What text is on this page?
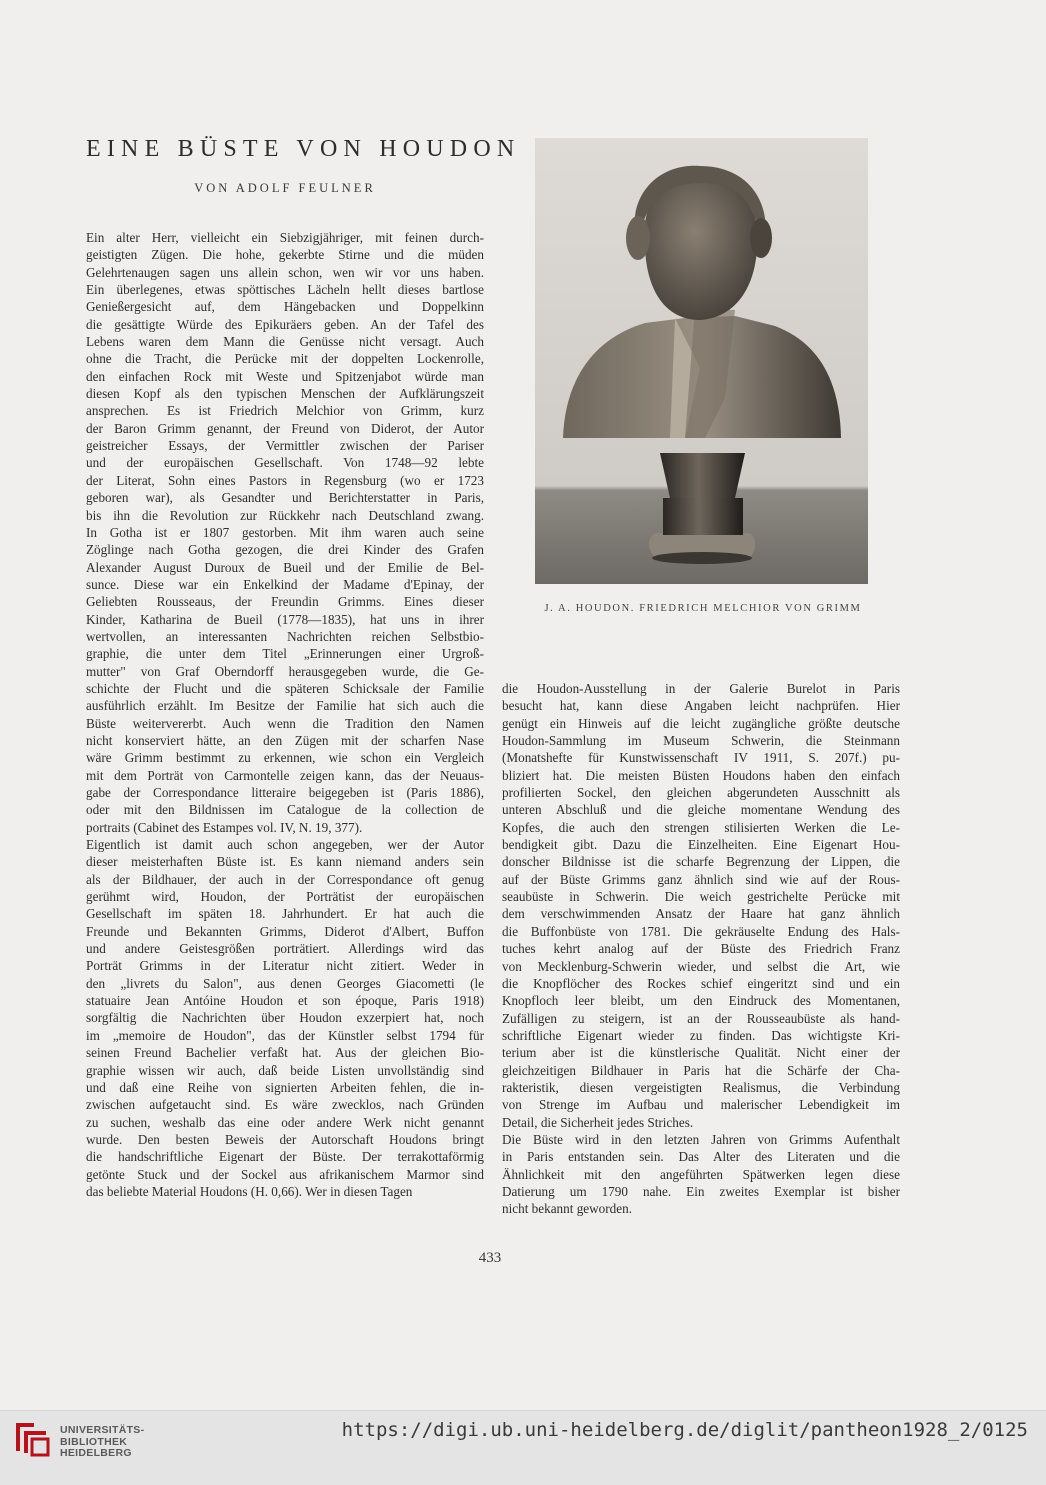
EINE BÜSTE VON HOUDON
VON ADOLF FEULNER
Ein alter Herr, vielleicht ein Siebzigjähriger, mit feinen durch-
geistigten Zügen. Die hohe, gekerbte Stirne und die müden
Gelehrtenaugen sagen uns allein schon, wen wir vor uns haben.
Ein überlegenes, etwas spöttisches Lächeln hellt dieses bartlose
Genießergesicht auf, dem Hängebacken und Doppelkinn
die gesättigte Würde des Epikuräers geben. An der Tafel des
Lebens waren dem Mann die Genüsse nicht versagt. Auch
ohne die Tracht, die Perücke mit der doppelten Lockenrolle,
den einfachen Rock mit Weste und Spitzenjabot würde man
diesen Kopf als den typischen Menschen der Aufklärungszeit
ansprechen. Es ist Friedrich Melchior von Grimm, kurz
der Baron Grimm genannt, der Freund von Diderot, der Autor
geistreicher Essays, der Vermittler zwischen der Pariser
und der europäischen Gesellschaft. Von 1748—92 lebte
der Literat, Sohn eines Pastors in Regensburg (wo er 1723
geboren war), als Gesandter und Berichterstatter in Paris,
bis ihn die Revolution zur Rückkehr nach Deutschland zwang.
In Gotha ist er 1807 gestorben. Mit ihm waren auch seine
Zöglinge nach Gotha gezogen, die drei Kinder des Grafen
Alexander August Duroux de Bueil und der Emilie de Bel-
sunce. Diese war ein Enkelkind der Madame d'Epinay, der
Geliebten Rousseaus, der Freundin Grimms. Eines dieser
Kinder, Katharina de Bueil (1778—1835), hat uns in ihrer
wertvollen, an interessanten Nachrichten reichen Selbstbio-
graphie, die unter dem Titel „Erinnerungen einer Urgroß-
mutter" von Graf Oberndorff herausgegeben wurde, die Ge-
schichte der Flucht und die späteren Schicksale der Familie
ausführlich erzählt. Im Besitze der Familie hat sich auch die
Büste weitervererbt. Auch wenn die Tradition den Namen
nicht konserviert hätte, an den Zügen mit der scharfen Nase
wäre Grimm bestimmt zu erkennen, wie schon ein Vergleich
mit dem Porträt von Carmontelle zeigen kann, das der Neuaus-
gabe der Correspondance litteraire beigegeben ist (Paris 1886),
oder mit den Bildnissen im Catalogue de la collection de
portraits (Cabinet des Estampes vol. IV, N. 19, 377).
Eigentlich ist damit auch schon angegeben, wer der Autor
dieser meisterhaften Büste ist. Es kann niemand anders sein
als der Bildhauer, der auch in der Correspondance oft genug
gerühmt wird, Houdon, der Porträtist der europäischen
Gesellschaft im späten 18. Jahrhundert. Er hat auch die
Freunde und Bekannten Grimms, Diderot d'Albert, Buffon
und andere Geistesgrößen porträtiert. Allerdings wird das
Porträt Grimms in der Literatur nicht zitiert. Weder in
den „livrets du Salon", aus denen Georges Giacometti (le
statuaire Jean Antóine Houdon et son époque, Paris 1918)
sorgfältig die Nachrichten über Houdon exzerpiert hat, noch
im „memoire de Houdon", das der Künstler selbst 1794 für
seinen Freund Bachelier verfaßt hat. Aus der gleichen Bio-
graphie wissen wir auch, daß beide Listen unvollständig sind
und daß eine Reihe von signierten Arbeiten fehlen, die in-
zwischen aufgetaucht sind. Es wäre zwecklos, nach Gründen
zu suchen, weshalb das eine oder andere Werk nicht genannt
wurde. Den besten Beweis der Autorschaft Houdons bringt
die handschriftliche Eigenart der Büste. Der terrakottaförmig
getönte Stuck und der Sockel aus afrikanischem Marmor sind
das beliebte Material Houdons (H. 0,66). Wer in diesen Tagen
J. A. HOUDON. FRIEDRICH MELCHIOR VON GRIMM
die Houdon-Ausstellung in der Galerie Burelot in Paris
besucht hat, kann diese Angaben leicht nachprüfen. Hier
genügt ein Hinweis auf die leicht zugängliche größte deutsche
Houdon-Sammlung im Museum Schwerin, die Steinmann
(Monatshefte für Kunstwissenschaft IV 1911, S. 207f.) pu-
bliziert hat. Die meisten Büsten Houdons haben den einfach
profilierten Sockel, den gleichen abgerundeten Ausschnitt als
unteren Abschluß und die gleiche momentane Wendung des
Kopfes, die auch den strengen stilisierten Werken die Le-
bendigkeit gibt. Dazu die Einzelheiten. Eine Eigenart Hou-
donscher Bildnisse ist die scharfe Begrenzung der Lippen, die
auf der Büste Grimms ganz ähnlich sind wie auf der Rous-
seaubüste in Schwerin. Die weich gestrichelte Perücke mit
dem verschwimmenden Ansatz der Haare hat ganz ähnlich
die Buffonbüste von 1781. Die gekräuselte Endung des Hals-
tuches kehrt analog auf der Büste des Friedrich Franz
von Mecklenburg-Schwerin wieder, und selbst die Art, wie
die Knopflöcher des Rockes schief eingeritzt sind und ein
Knopfloch leer bleibt, um den Eindruck des Momentanen,
Zufälligen zu steigern, ist an der Rousseaubüste als hand-
schriftliche Eigenart wieder zu finden. Das wichtigste Kri-
terium aber ist die künstlerische Qualität. Nicht einer der
gleichzeitigen Bildhauer in Paris hat die Schärfe der Cha-
rakteristik, diesen vergeistigten Realismus, die Verbindung
von Strenge im Aufbau und malerischer Lebendigkeit im
Detail, die Sicherheit jedes Striches.
Die Büste wird in den letzten Jahren von Grimms Aufenthalt
in Paris entstanden sein. Das Alter des Literaten und die
Ähnlichkeit mit den angeführten Spätwerken legen diese
Datierung um 1790 nahe. Ein zweites Exemplar ist bisher
nicht bekannt geworden.
433
UNIVERSITÄTS-
BIBLIOTHEK
HEIDELBERG
https://digi.ub.uni-heidelberg.de/diglit/pantheon1928_2/0125
